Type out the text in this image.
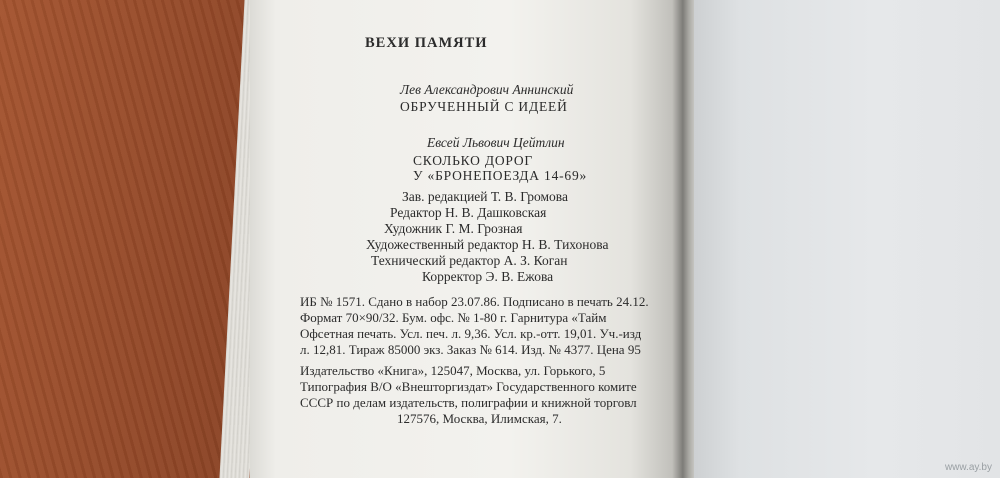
ВЕХИ ПАМЯТИ
Лев Александрович Аннинский
ОБРУЧЕННЫЙ С ИДЕЕЙ
Евсей Львович Цейтлин
СКОЛЬКО ДОРОГ
У «БРОНЕПОЕЗДА 14-69»
Зав. редакцией Т. В. Громова
Редактор Н. В. Дашковская
Художник Г. М. Грозная
Художественный редактор Н. В. Тихонова
Технический редактор А. З. Коган
Корректор Э. В. Ежова
ИБ № 1571. Сдано в набор 23.07.86. Подписано в печать 24.12.
Формат 70×90/32. Бум. офс. № 1-80 г. Гарнитура «Тайм
Офсетная печать. Усл. печ. л. 9,36. Усл. кр.-отт. 19,01. Уч.-изд
л. 12,81. Тираж 85000 экз. Заказ № 614. Изд. № 4377. Цена 95
Издательство «Книга», 125047, Москва, ул. Горького, 5
Типография В/О «Внешторгиздат» Государственного комите
СССР по делам издательств, полиграфии и книжной торговл
127576, Москва, Илимская, 7.
www.ay.by
